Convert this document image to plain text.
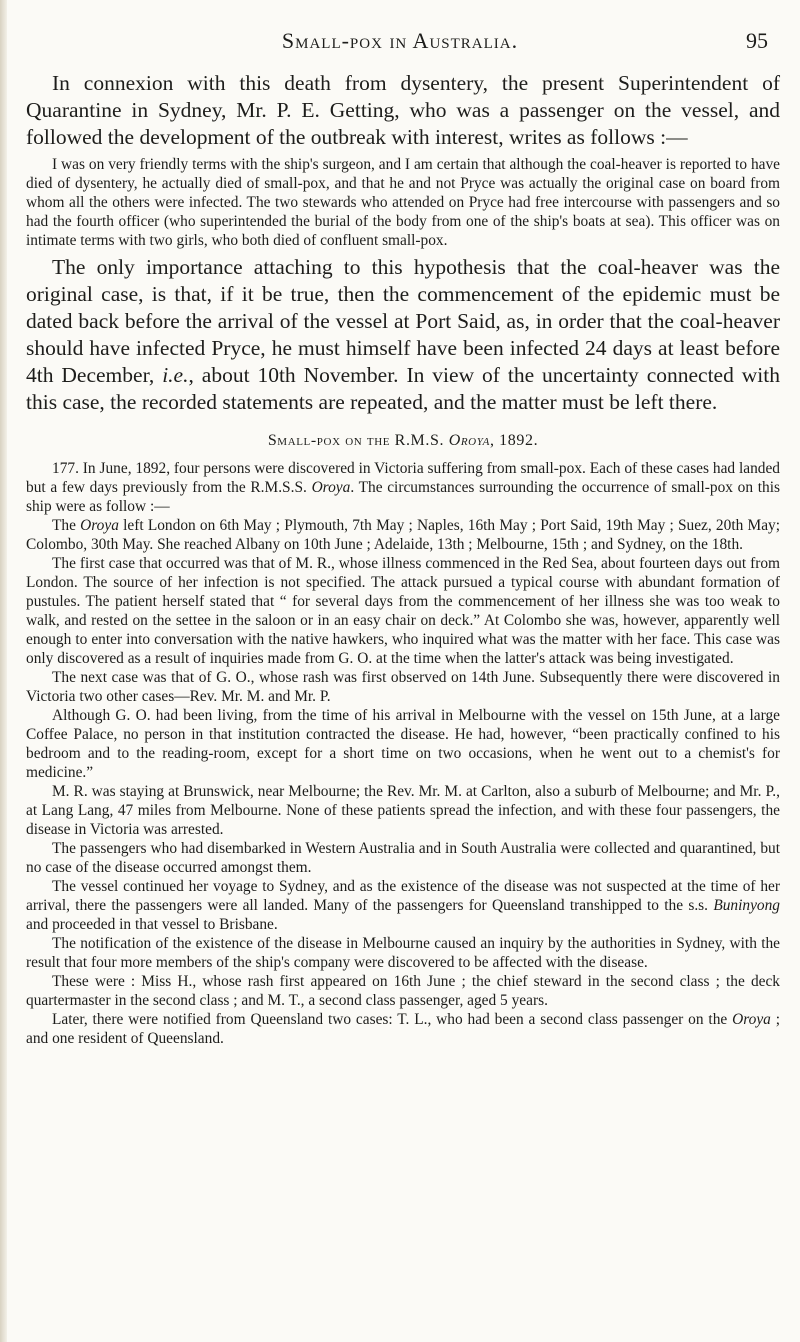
Small-pox in Australia.	95

In connexion with this death from dysentery, the present Superintendent of Quarantine in Sydney, Mr. P. E. Getting, who was a passenger on the vessel, and followed the development of the outbreak with interest, writes as follows :—

I was on very friendly terms with the ship's surgeon, and I am certain that although the coal-heaver is reported to have died of dysentery, he actually died of small-pox, and that he and not Pryce was actually the original case on board from whom all the others were infected. The two stewards who attended on Pryce had free intercourse with passengers and so had the fourth officer (who superintended the burial of the body from one of the ship's boats at sea). This officer was on intimate terms with two girls, who both died of confluent small-pox.

The only importance attaching to this hypothesis that the coal-heaver was the original case, is that, if it be true, then the commencement of the epidemic must be dated back before the arrival of the vessel at Port Said, as, in order that the coal-heaver should have infected Pryce, he must himself have been infected 24 days at least before 4th December, i.e., about 10th November. In view of the uncertainty connected with this case, the recorded statements are repeated, and the matter must be left there.

Small-pox on the R.M.S. Oroya, 1892.

177. In June, 1892, four persons were discovered in Victoria suffering from small-pox. Each of these cases had landed but a few days previously from the R.M.S.S. Oroya. The circumstances surrounding the occurrence of small-pox on this ship were as follow :—

The Oroya left London on 6th May ; Plymouth, 7th May ; Naples, 16th May ; Port Said, 19th May ; Suez, 20th May; Colombo, 30th May. She reached Albany on 10th June ; Adelaide, 13th ; Melbourne, 15th ; and Sydney, on the 18th.

The first case that occurred was that of M. R., whose illness commenced in the Red Sea, about fourteen days out from London. The source of her infection is not specified. The attack pursued a typical course with abundant formation of pustules. The patient herself stated that “ for several days from the commencement of her illness she was too weak to walk, and rested on the settee in the saloon or in an easy chair on deck.” At Colombo she was, however, apparently well enough to enter into conversation with the native hawkers, who inquired what was the matter with her face. This case was only discovered as a result of inquiries made from G. O. at the time when the latter's attack was being investigated.

The next case was that of G. O., whose rash was first observed on 14th June. Subsequently there were discovered in Victoria two other cases—Rev. Mr. M. and Mr. P.

Although G. O. had been living, from the time of his arrival in Melbourne with the vessel on 15th June, at a large Coffee Palace, no person in that institution contracted the disease. He had, however, “been practically confined to his bedroom and to the reading-room, except for a short time on two occasions, when he went out to a chemist's for medicine.”

M. R. was staying at Brunswick, near Melbourne; the Rev. Mr. M. at Carlton, also a suburb of Melbourne; and Mr. P., at Lang Lang, 47 miles from Melbourne. None of these patients spread the infection, and with these four passengers, the disease in Victoria was arrested.

The passengers who had disembarked in Western Australia and in South Australia were collected and quarantined, but no case of the disease occurred amongst them.

The vessel continued her voyage to Sydney, and as the existence of the disease was not suspected at the time of her arrival, there the passengers were all landed. Many of the passengers for Queensland transhipped to the s.s. Buninyong and proceeded in that vessel to Brisbane.

The notification of the existence of the disease in Melbourne caused an inquiry by the authorities in Sydney, with the result that four more members of the ship's company were discovered to be affected with the disease.

These were : Miss H., whose rash first appeared on 16th June ; the chief steward in the second class ; the deck quartermaster in the second class ; and M. T., a second class passenger, aged 5 years.

Later, there were notified from Queensland two cases: T. L., who had been a second class passenger on the Oroya ; and one resident of Queensland.
